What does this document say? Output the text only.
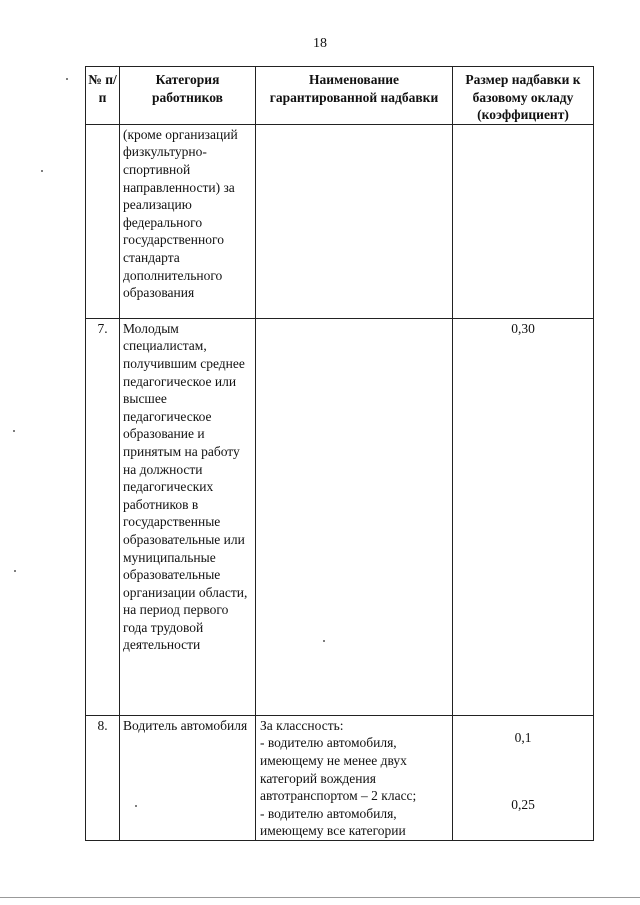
18
№ п/п	Категория работников	Наименование гарантированной надбавки	Размер надбавки к базовому окладу (коэффициент)
	(кроме организаций физкультурно-спортивной направленности) за реализацию федерального государственного стандарта дополнительного образования		

7.	Молодым специалистам, получившим среднее педагогическое или высшее педагогическое образование и принятым на работу на должности педагогических работников в государственные образовательные или муниципальные образовательные организации области, на период первого года трудовой деятельности		0,30

8.	Водитель автомобиля	За классность:
- водителю автомобиля, имеющему не менее двух категорий вождения автотранспортом – 2 класс;
- водителю автомобиля, имеющему все категории	0,1
0,25
